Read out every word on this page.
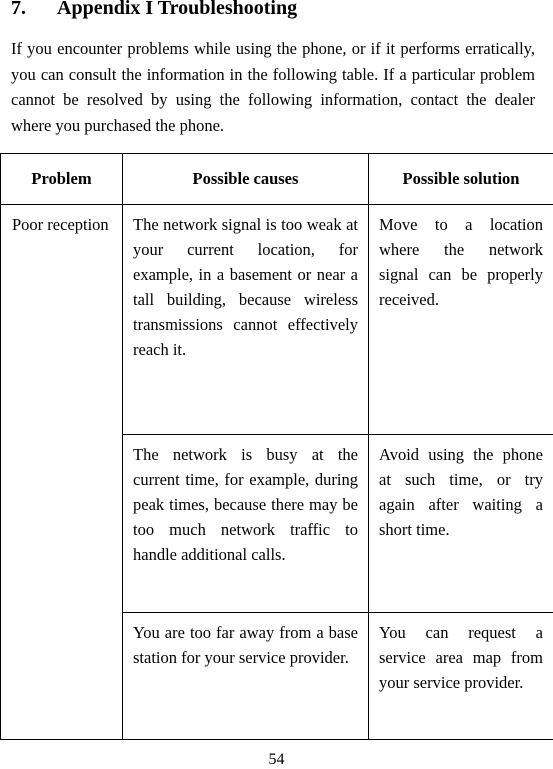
7. Appendix I Troubleshooting

If you encounter problems while using the phone, or if it performs erratically, you can consult the information in the following table. If a particular problem cannot be resolved by using the following information, contact the dealer where you purchased the phone.

Problem	Possible causes	Possible solution
Poor reception	The network signal is too weak at your current location, for example, in a basement or near a tall building, because wireless transmissions cannot effectively reach it.	Move to a location where the network signal can be properly received.
	The network is busy at the current time, for example, during peak times, because there may be too much network traffic to handle additional calls.	Avoid using the phone at such time, or try again after waiting a short time.
	You are too far away from a base station for your service provider.	You can request a service area map from your service provider.
54
